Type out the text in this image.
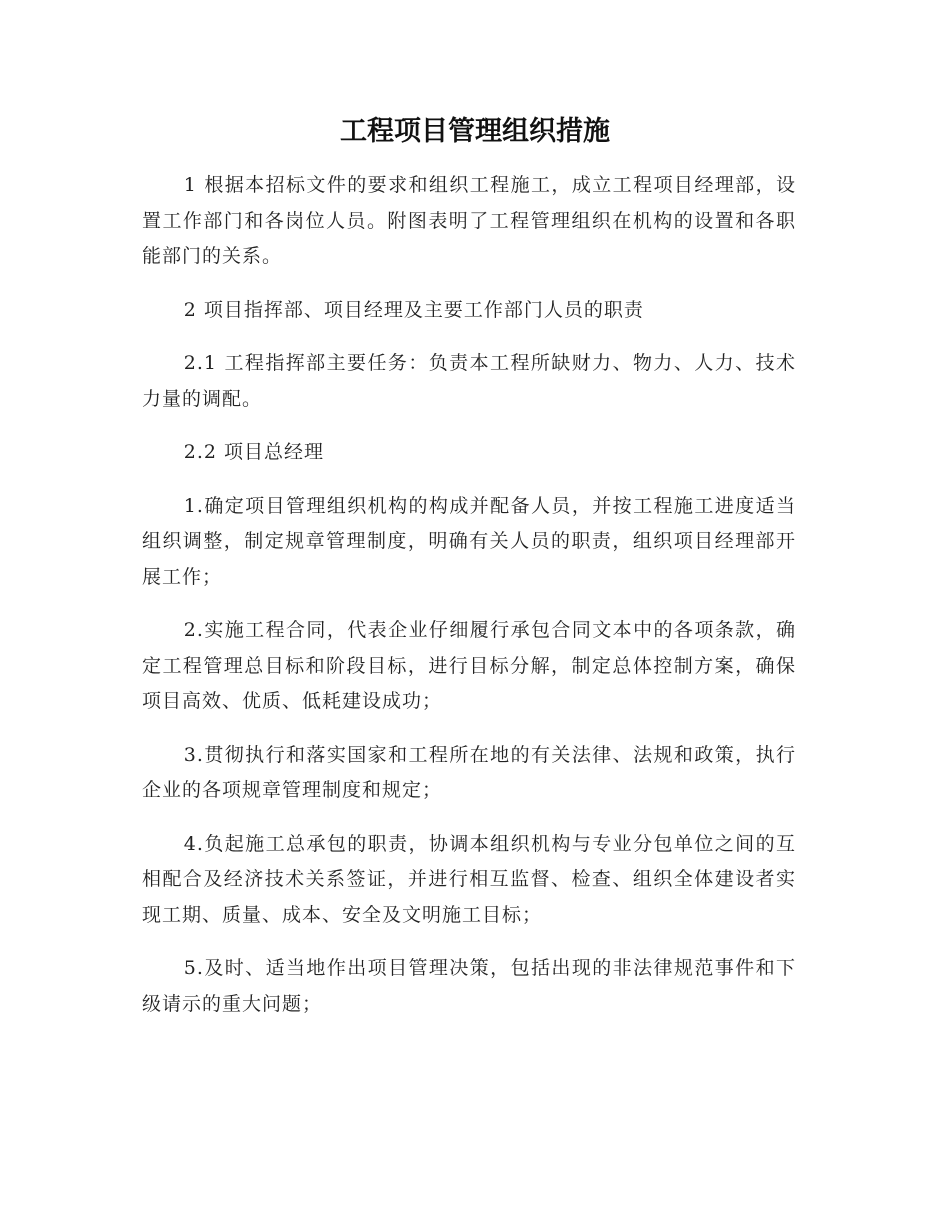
工程项目管理组织措施

1 根据本招标文件的要求和组织工程施工，成立工程项目经理部，设置工作部门和各岗位人员。附图表明了工程管理组织在机构的设置和各职能部门的关系。

2 项目指挥部、项目经理及主要工作部门人员的职责

2.1 工程指挥部主要任务：负责本工程所缺财力、物力、人力、技术力量的调配。

2.2 项目总经理

1.确定项目管理组织机构的构成并配备人员，并按工程施工进度适当组织调整，制定规章管理制度，明确有关人员的职责，组织项目经理部开展工作；

2.实施工程合同，代表企业仔细履行承包合同文本中的各项条款，确定工程管理总目标和阶段目标，进行目标分解，制定总体控制方案，确保项目高效、优质、低耗建设成功；

3.贯彻执行和落实国家和工程所在地的有关法律、法规和政策，执行企业的各项规章管理制度和规定；

4.负起施工总承包的职责，协调本组织机构与专业分包单位之间的互相配合及经济技术关系签证，并进行相互监督、检查、组织全体建设者实现工期、质量、成本、安全及文明施工目标；

5.及时、适当地作出项目管理决策，包括出现的非法律规范事件和下级请示的重大问题；
